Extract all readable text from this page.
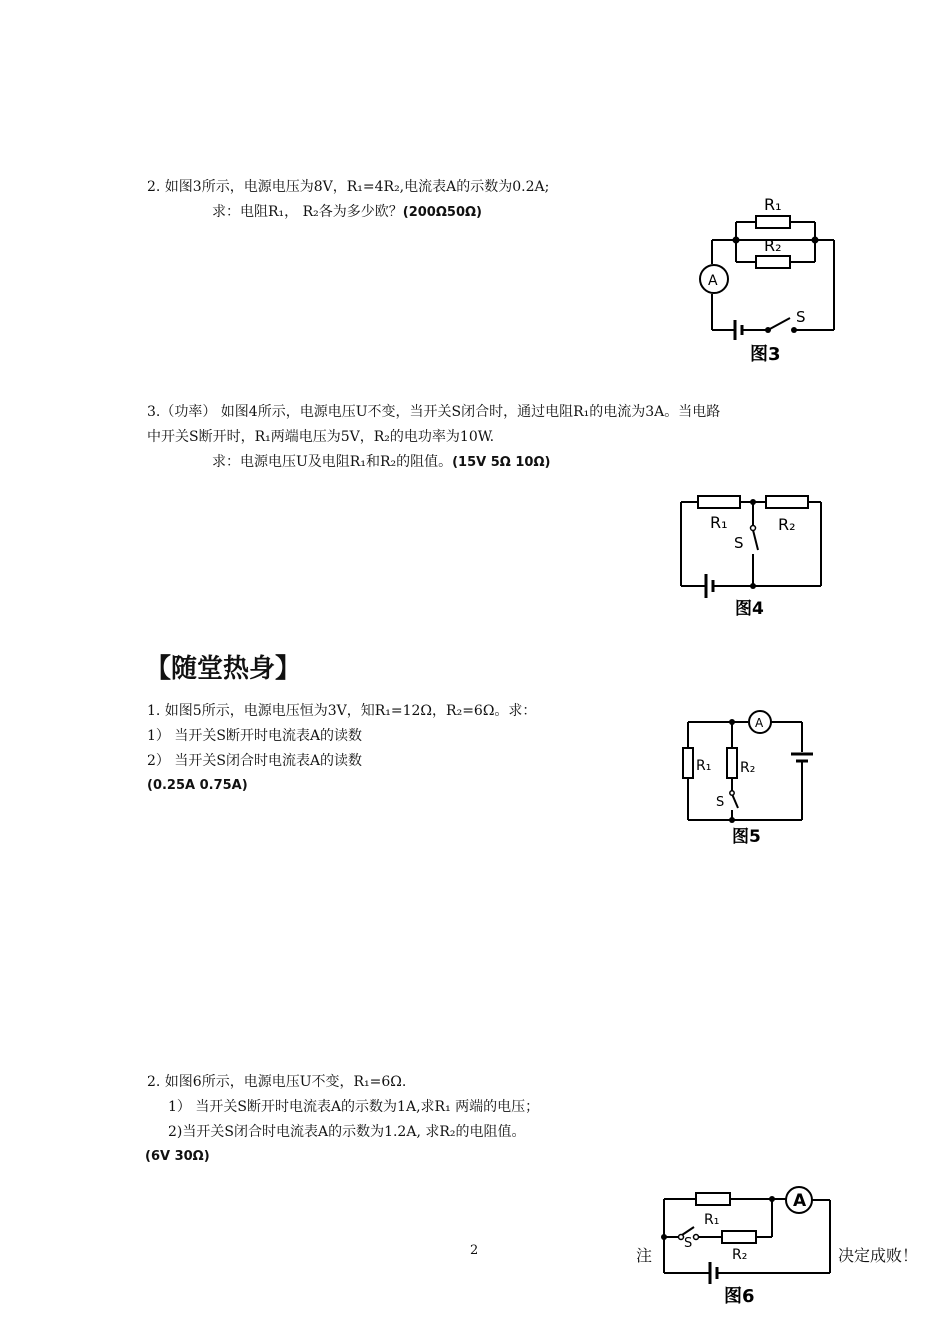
2. 如图3所示，电源电压为8V，R₁=4R₂,电流表A的示数为0.2A;
求：电阻R₁， R₂各为多少欧？(200Ω50Ω)	R₁
R₂
A
S
图3
3.（功率） 如图4所示，电源电压U不变，当开关S闭合时，通过电阻R₁的电流为3A。当电路
中开关S断开时，R₁两端电压为5V，R₂的电功率为10W.
求：电源电压U及电阻R₁和R₂的阻值。(15V 5Ω 10Ω)
R₁	R₂
S
图4
【随堂热身】
1. 如图5所示，电源电压恒为3V，知R₁=12Ω，R₂=6Ω。求：
1） 当开关S断开时电流表A的读数
2） 当开关S闭合时电流表A的读数
(0.25A 0.75A)
A
R₁ R₂
S
图5
2. 如图6所示，电源电压U不变，R₁=6Ω.
1） 当开关S断开时电流表A的示数为1A,求R₁ 两端的电压；
2)当开关S闭合时电流表A的示数为1.2A, 求R₂的电阻值。
(6V 30Ω)
2	注	决定成败！
A
R₁
R₂
S
图6
